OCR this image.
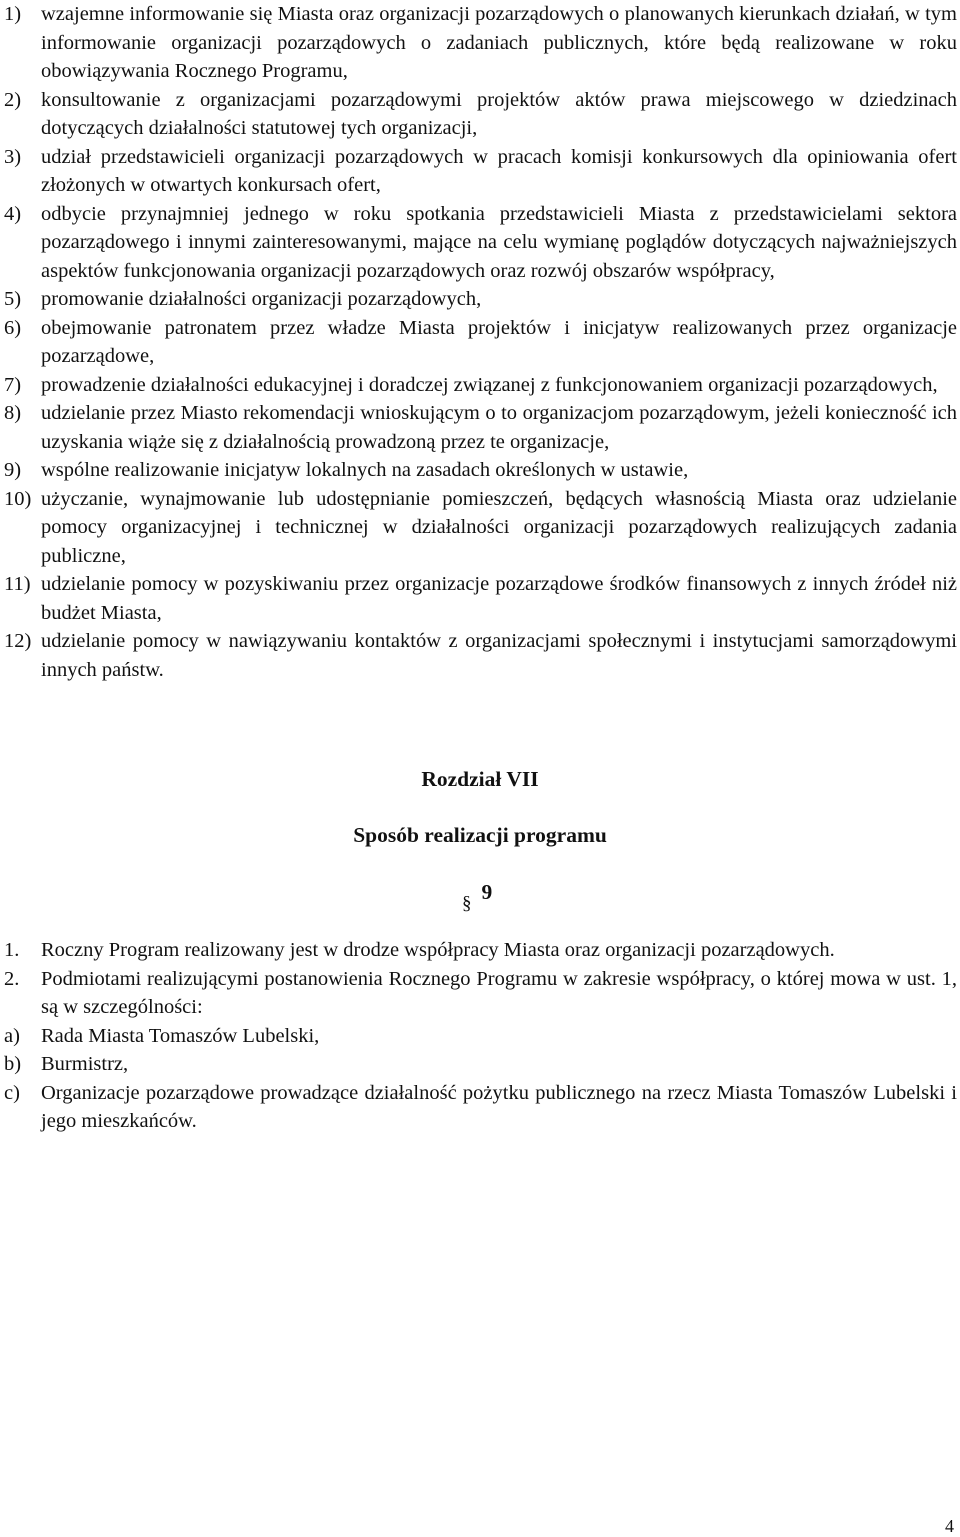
1) wzajemne informowanie się Miasta oraz organizacji pozarządowych o planowanych kierunkach działań, w tym informowanie organizacji pozarządowych o zadaniach publicznych, które będą realizowane w roku obowiązywania Rocznego Programu,
2) konsultowanie z organizacjami pozarządowymi projektów aktów prawa miejscowego w dziedzinach dotyczących działalności statutowej tych organizacji,
3) udział przedstawicieli organizacji pozarządowych w pracach komisji konkursowych dla opiniowania ofert złożonych w otwartych konkursach ofert,
4) odbycie przynajmniej jednego w roku spotkania przedstawicieli Miasta z przedstawicielami sektora pozarządowego i innymi zainteresowanymi, mające na celu wymianę poglądów dotyczących najważniejszych aspektów funkcjonowania organizacji pozarządowych oraz rozwój obszarów współpracy,
5) promowanie działalności organizacji pozarządowych,
6) obejmowanie patronatem przez władze Miasta projektów i inicjatyw realizowanych przez organizacje pozarządowe,
7) prowadzenie działalności edukacyjnej i doradczej związanej z funkcjonowaniem organizacji pozarządowych,
8) udzielanie przez Miasto rekomendacji wnioskującym o to organizacjom pozarządowym, jeżeli konieczność ich uzyskania wiąże się z działalnością prowadzoną przez te organizacje,
9) wspólne realizowanie inicjatyw lokalnych na zasadach określonych w ustawie,
10) użyczanie, wynajmowanie lub udostępnianie pomieszczeń, będących własnością Miasta oraz udzielanie pomocy organizacyjnej i technicznej w działalności organizacji pozarządowych realizujących zadania publiczne,
11) udzielanie pomocy w pozyskiwaniu przez organizacje pozarządowe środków finansowych z innych źródeł niż budżet Miasta,
12) udzielanie pomocy w nawiązywaniu kontaktów z organizacjami społecznymi i instytucjami samorządowymi innych państw.
Rozdział VII
Sposób realizacji programu
§ 9
1. Roczny Program realizowany jest w drodze współpracy Miasta oraz organizacji pozarządowych.
2. Podmiotami realizującymi postanowienia Rocznego Programu w zakresie współpracy, o której mowa w ust. 1, są w szczególności:
a) Rada Miasta Tomaszów Lubelski,
b) Burmistrz,
c) Organizacje pozarządowe prowadzące działalność pożytku publicznego na rzecz Miasta Tomaszów Lubelski i jego mieszkańców.
4
